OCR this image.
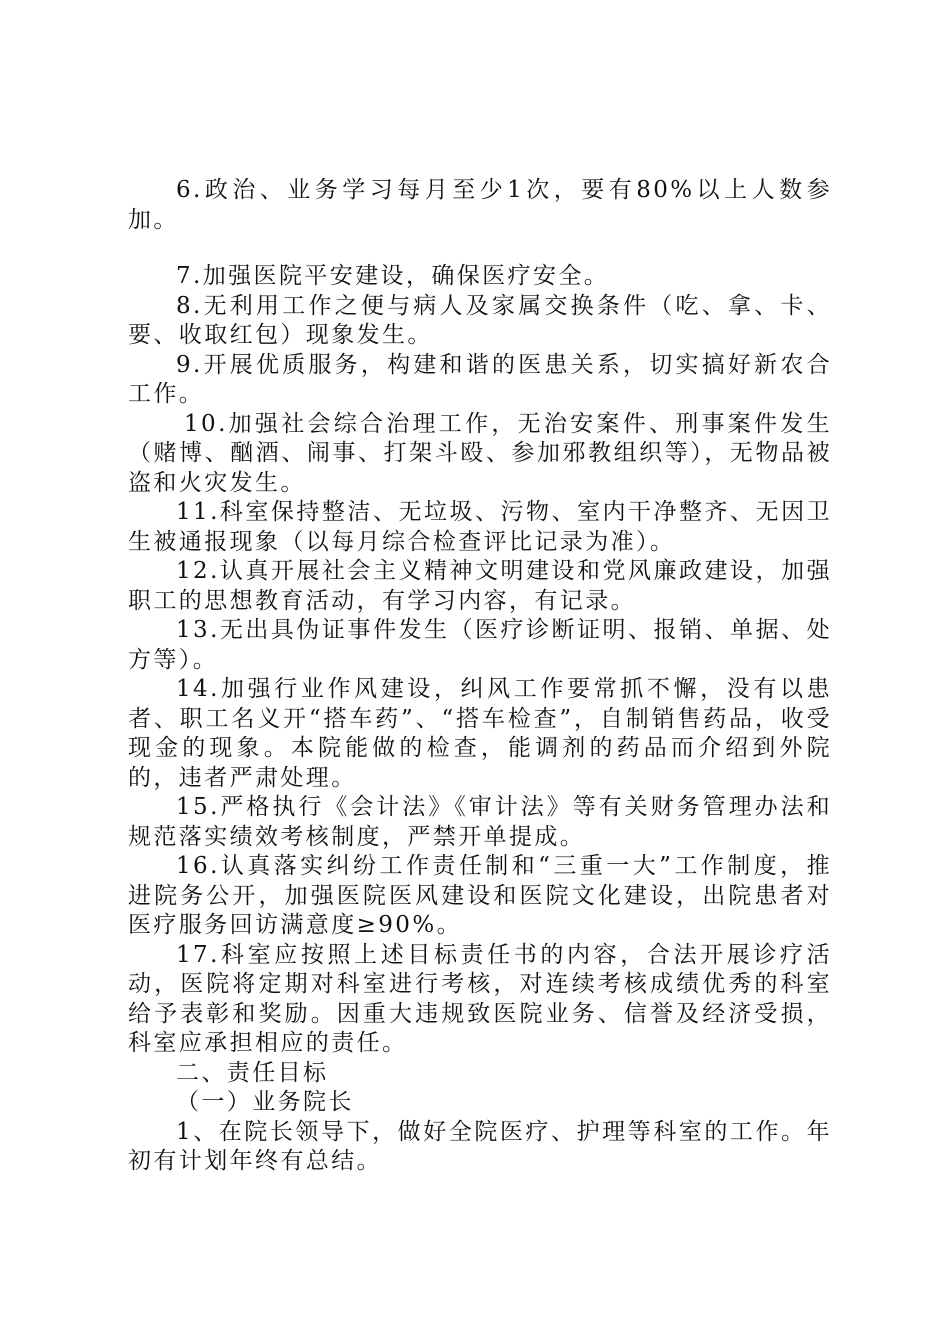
6.政治、业务学习每月至少1次，要有80%以上人数参加。

7.加强医院平安建设，确保医疗安全。

8.无利用工作之便与病人及家属交换条件（吃、拿、卡、要、收取红包）现象发生。

9.开展优质服务，构建和谐的医患关系，切实搞好新农合工作。

10.加强社会综合治理工作，无治安案件、刑事案件发生（赌博、酗酒、闹事、打架斗殴、参加邪教组织等），无物品被盗和火灾发生。

11.科室保持整洁、无垃圾、污物、室内干净整齐、无因卫生被通报现象（以每月综合检查评比记录为准）。

12.认真开展社会主义精神文明建设和党风廉政建设，加强职工的思想教育活动，有学习内容，有记录。

13.无出具伪证事件发生（医疗诊断证明、报销、单据、处方等）。

14.加强行业作风建设，纠风工作要常抓不懈，没有以患者、职工名义开“搭车药”、“搭车检查”，自制销售药品，收受现金的现象。本院能做的检查，能调剂的药品而介绍到外院的，违者严肃处理。

15.严格执行《会计法》《审计法》等有关财务管理办法和规范落实绩效考核制度，严禁开单提成。

16.认真落实纠纷工作责任制和“三重一大”工作制度，推进院务公开，加强医院医风建设和医院文化建设，出院患者对医疗服务回访满意度≥90%。

17.科室应按照上述目标责任书的内容，合法开展诊疗活动，医院将定期对科室进行考核，对连续考核成绩优秀的科室给予表彰和奖励。因重大违规致医院业务、信誉及经济受损，科室应承担相应的责任。

二、责任目标

（一）业务院长

1、在院长领导下，做好全院医疗、护理等科室的工作。年初有计划年终有总结。
